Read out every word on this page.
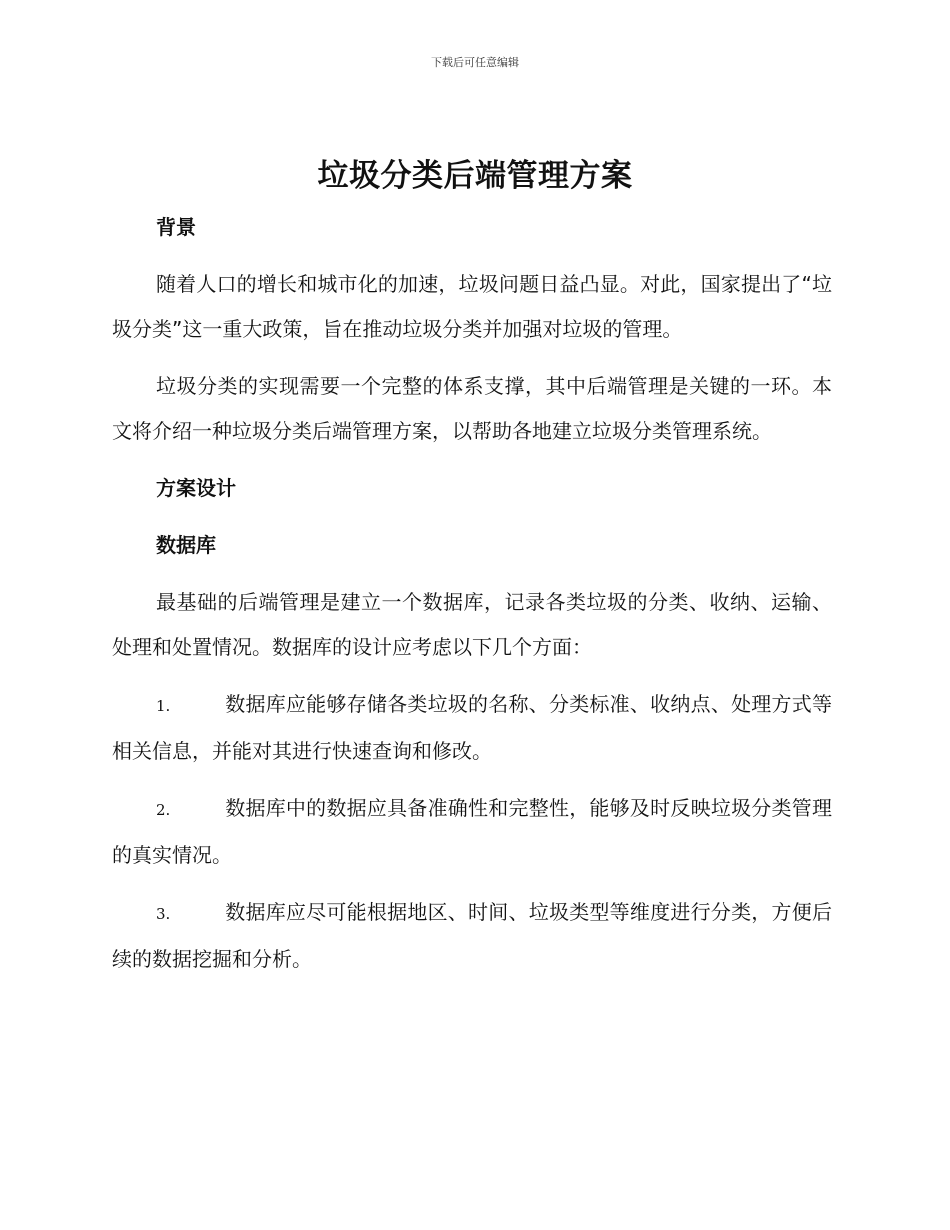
下载后可任意编辑
垃圾分类后端管理方案
背景
随着人口的增长和城市化的加速，垃圾问题日益凸显。对此，国家提出了“垃圾分类”这一重大政策，旨在推动垃圾分类并加强对垃圾的管理。
垃圾分类的实现需要一个完整的体系支撑，其中后端管理是关键的一环。本文将介绍一种垃圾分类后端管理方案，以帮助各地建立垃圾分类管理系统。
方案设计
数据库
最基础的后端管理是建立一个数据库，记录各类垃圾的分类、收纳、运输、处理和处置情况。数据库的设计应考虑以下几个方面：
1.	数据库应能够存储各类垃圾的名称、分类标准、收纳点、处理方式等相关信息，并能对其进行快速查询和修改。
2.	数据库中的数据应具备准确性和完整性，能够及时反映垃圾分类管理的真实情况。
3.	数据库应尽可能根据地区、时间、垃圾类型等维度进行分类，方便后续的数据挖掘和分析。
